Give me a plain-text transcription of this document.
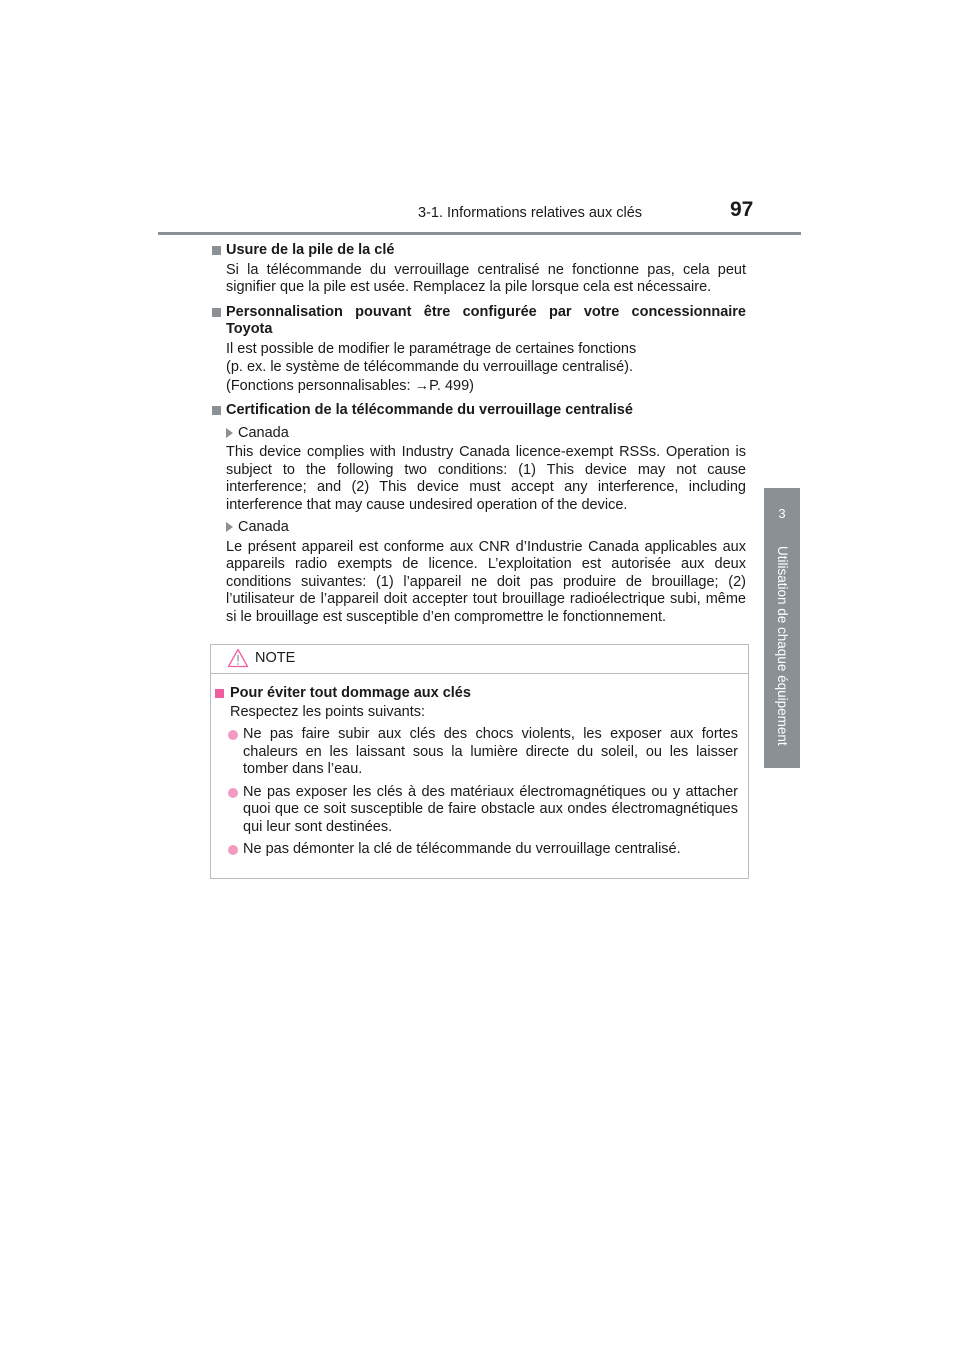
3-1. Informations relatives aux clés	97
3
Utilisation de chaque équipement
Usure de la pile de la clé
Si la télécommande du verrouillage centralisé ne fonctionne pas, cela peut signifier que la pile est usée. Remplacez la pile lorsque cela est nécessaire.
Personnalisation pouvant être configurée par votre concessionnaire Toyota
Il est possible de modifier le paramétrage de certaines fonctions
(p. ex. le système de télécommande du verrouillage centralisé).
(Fonctions personnalisables: →P. 499)
Certification de la télécommande du verrouillage centralisé
Canada
This device complies with Industry Canada licence-exempt RSSs. Operation is subject to the following two conditions: (1) This device may not cause interference; and (2) This device must accept any interference, including interference that may cause undesired operation of the device.
Canada
Le présent appareil est conforme aux CNR d’Industrie Canada applicables aux appareils radio exempts de licence. L’exploitation est autorisée aux deux conditions suivantes: (1) l’appareil ne doit pas produire de brouillage; (2) l’utilisateur de l’appareil doit accepter tout brouillage radioélectrique subi, même si le brouillage est susceptible d’en compromettre le fonctionnement.
NOTE
Pour éviter tout dommage aux clés
Respectez les points suivants:
Ne pas faire subir aux clés des chocs violents, les exposer aux fortes chaleurs en les laissant sous la lumière directe du soleil, ou les laisser tomber dans l’eau.
Ne pas exposer les clés à des matériaux électromagnétiques ou y attacher quoi que ce soit susceptible de faire obstacle aux ondes électromagnétiques qui leur sont destinées.
Ne pas démonter la clé de télécommande du verrouillage centralisé.
